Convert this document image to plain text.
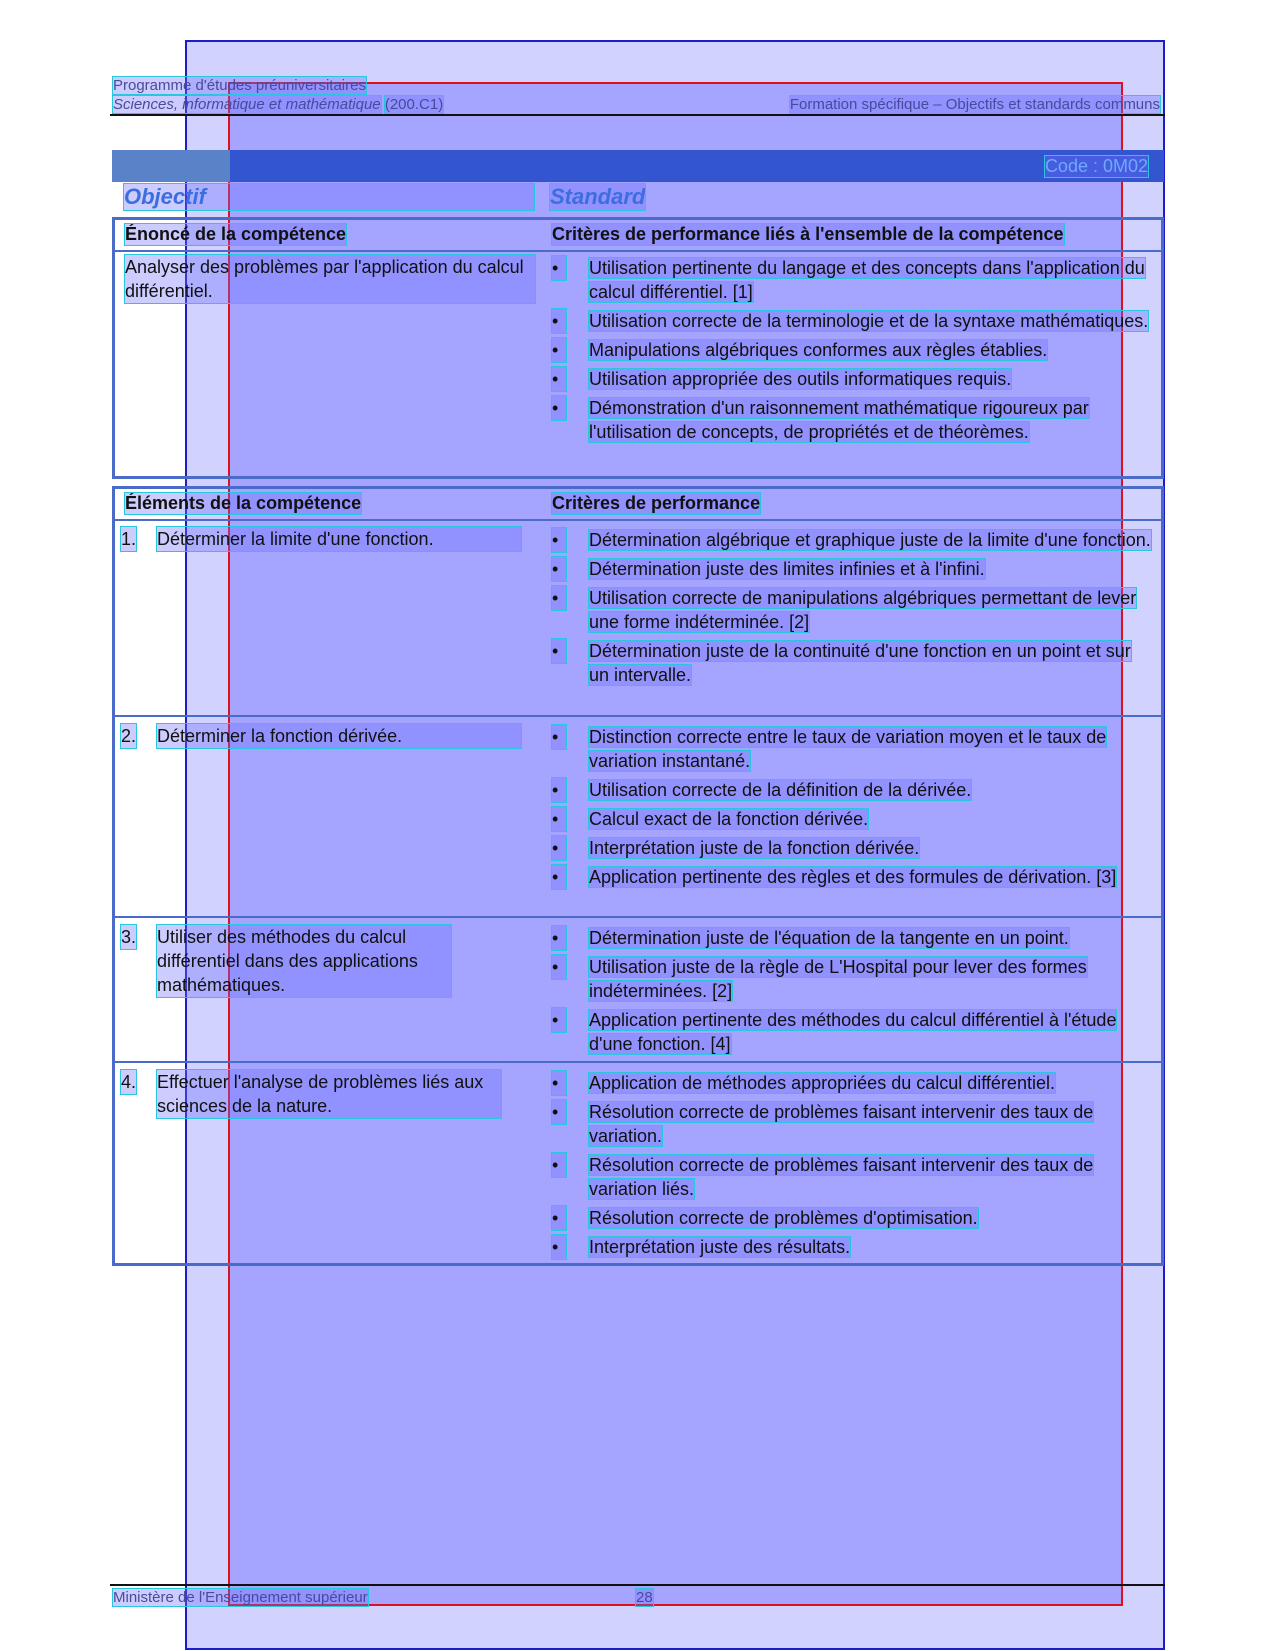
Programme d'études préuniversitaires
Sciences, informatique et mathématique (200.C1)	Formation spécifique – Objectifs et standards communs
Code : 0M02
Objectif	Standard
Énoncé de la compétence	Critères de performance liés à l'ensemble de la compétence
Analyser des problèmes par l'application du calcul différentiel.
•	Utilisation pertinente du langage et des concepts dans l'application du calcul différentiel. [1]
•	Utilisation correcte de la terminologie et de la syntaxe mathématiques.
•	Manipulations algébriques conformes aux règles établies.
•	Utilisation appropriée des outils informatiques requis.
•	Démonstration d'un raisonnement mathématique rigoureux par l'utilisation de concepts, de propriétés et de théorèmes.
Éléments de la compétence	Critères de performance
1. Déterminer la limite d'une fonction.	•	Détermination algébrique et graphique juste de la limite d'une fonction.
•	Détermination juste des limites infinies et à l'infini.
•	Utilisation correcte de manipulations algébriques permettant de lever une forme indéterminée. [2]
•	Détermination juste de la continuité d'une fonction en un point et sur un intervalle.
2. Déterminer la fonction dérivée.	•	Distinction correcte entre le taux de variation moyen et le taux de variation instantané.
•	Utilisation correcte de la définition de la dérivée.
•	Calcul exact de la fonction dérivée.
•	Interprétation juste de la fonction dérivée.
•	Application pertinente des règles et des formules de dérivation. [3]
3. Utiliser des méthodes du calcul différentiel dans des applications mathématiques.
•	Détermination juste de l'équation de la tangente en un point.
•	Utilisation juste de la règle de L'Hospital pour lever des formes indéterminées. [2]
•	Application pertinente des méthodes du calcul différentiel à l'étude d'une fonction. [4]
4. Effectuer l'analyse de problèmes liés aux sciences de la nature.
•	Application de méthodes appropriées du calcul différentiel.
•	Résolution correcte de problèmes faisant intervenir des taux de variation.
•	Résolution correcte de problèmes faisant intervenir des taux de variation liés.
•	Résolution correcte de problèmes d'optimisation.
•	Interprétation juste des résultats.
Ministère de l'Enseignement supérieur	28
